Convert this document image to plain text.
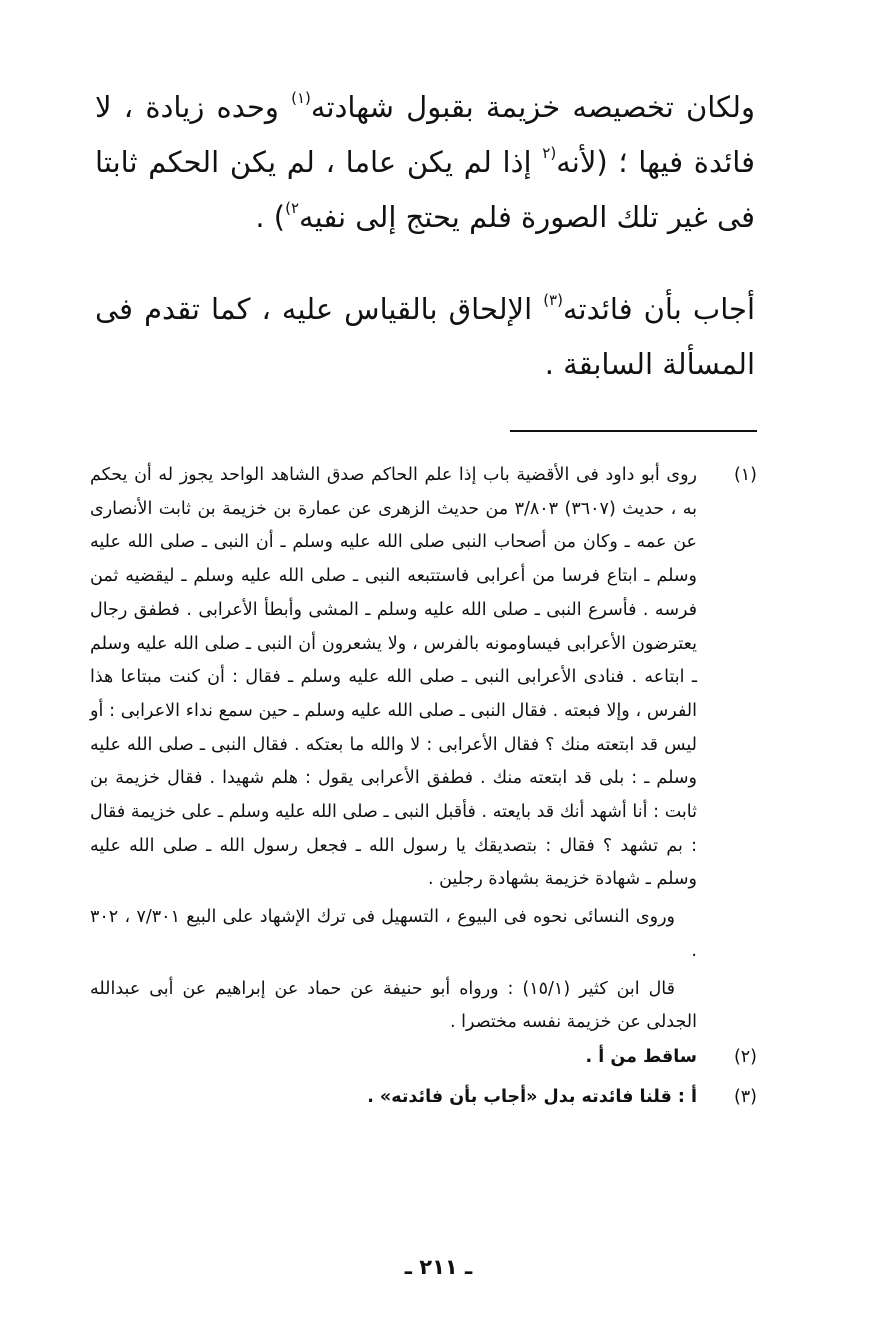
ولكان تخصيصه خزيمة بقبول شهادته$^{(١)}$ وحده زيادة ، لا فائدة فيها ؛ (لأنه$^{(٢}$ إذا لم يكن عاما ، لم يكن الحكم ثابتا فى غير تلك الصورة فلم يحتج إلى نفيه$^{٢)}$) .

أجاب بأن فائدته$^{(٣)}$ الإلحاق بالقياس عليه ، كما تقدم فى المسألة السابقة .

(١)

روى أبو داود فى الأقضية باب إذا علم الحاكم صدق الشاهد الواحد يجوز له أن يحكم به ، حديث (٣٦٠٧) ٣/٨٠٣ من حديث الزهرى عن عمارة بن خزيمة بن ثابت الأنصارى عن عمه ـ وكان من أصحاب النبى صلى الله عليه وسلم ـ أن النبى ـ صلى الله عليه وسلم ـ ابتاع فرسا من أعرابى فاستتبعه النبى ـ صلى الله عليه وسلم ـ ليقضيه ثمن فرسه . فأسرع النبى ـ صلى الله عليه وسلم ـ المشى وأبطأ الأعرابى . فطفق رجال يعترضون الأعرابى فيساومونه بالفرس ، ولا يشعرون أن النبى ـ صلى الله عليه وسلم ـ ابتاعه . فنادى الأعرابى النبى ـ صلى الله عليه وسلم ـ فقال : أن كنت مبتاعا هذا الفرس ، وإلا فبعته . فقال النبى ـ صلى الله عليه وسلم ـ حين سمع نداء الاعرابى : أو ليس قد ابتعته منك ؟ فقال الأعرابى : لا والله ما بعتكه . فقال النبى ـ صلى الله عليه وسلم ـ : بلى قد ابتعته منك . فطفق الأعرابى يقول : هلم شهيدا . فقال خزيمة بن ثابت : أنا أشهد أنك قد بايعته . فأقبل النبى ـ صلى الله عليه وسلم ـ على خزيمة فقال : بم تشهد ؟ فقال : بتصديقك يا رسول الله ـ فجعل رسول الله ـ صلى الله عليه وسلم ـ شهادة خزيمة بشهادة رجلين .

وروى النسائى نحوه فى البيوع ، التسهيل فى ترك الإشهاد على البيع ٧/٣٠١ ، ٣٠٢ .

قال ابن كثير (١٥/١) : ورواه أبو حنيفة عن حماد عن إبراهيم عن أبى عبدالله الجدلى عن خزيمة نفسه مختصرا .

(٢)

ساقط من أ .

(٣)

أ : قلنا فائدته بدل «أجاب بأن فائدته» .

ـ ٢١١ ـ
